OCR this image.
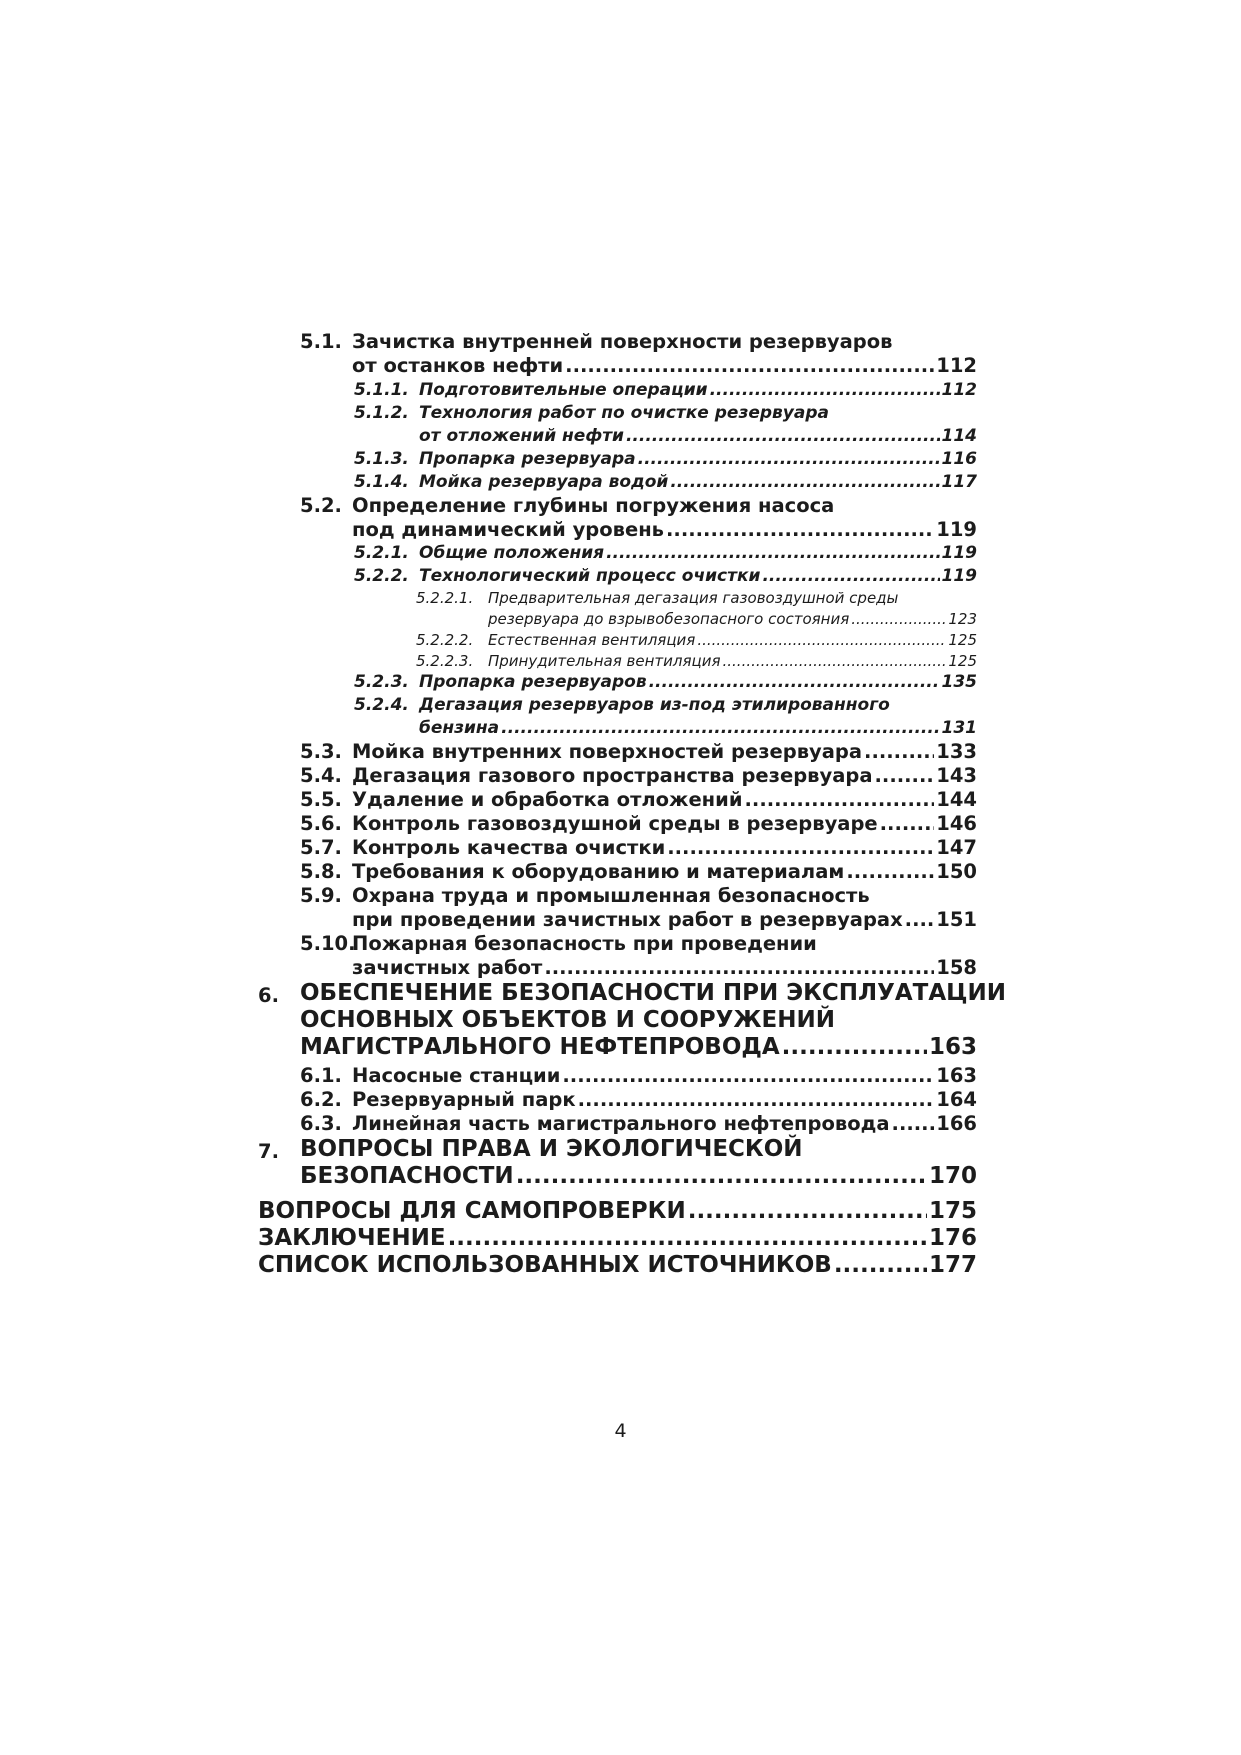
5.1. Зачистка внутренней поверхности резервуаров
от останков нефти .....	112
5.1.1. Подготовительные операции .....	112
5.1.2. Технология работ по очистке резервуара
от отложений нефти .....	114
5.1.3. Пропарка резервуара .....	116
5.1.4. Мойка резервуара водой .....	117
5.2. Определение глубины погружения насоса
под динамический уровень .....	119
5.2.1. Общие положения .....	119
5.2.2. Технологический процесс очистки .....	119
5.2.2.1. Предварительная дегазация газовоздушной среды
резервуара до взрывобезопасного состояния .....	123
5.2.2.2. Естественная вентиляция .....	125
5.2.2.3. Принудительная вентиляция .....	125
5.2.3. Пропарка резервуаров .....	135
5.2.4. Дегазация резервуаров из-под этилированного
бензина .....	131
5.3. Мойка внутренних поверхностей резервуара .....	133
5.4. Дегазация газового пространства резервуара .....	143
5.5. Удаление и обработка отложений .....	144
5.6. Контроль газовоздушной среды в резервуаре .....	146
5.7. Контроль качества очистки .....	147
5.8. Требования к оборудованию и материалам .....	150
5.9. Охрана труда и промышленная безопасность
при проведении зачистных работ в резервуарах ..... 151
5.10.
Пожарная безопасность при проведении
зачистных работ .....	158
6. ОБЕСПЕЧЕНИЕ БЕЗОПАСНОСТИ ПРИ ЭКСПЛУАТАЦИИ
ОСНОВНЫХ ОБЪЕКТОВ И СООРУЖЕНИЙ
МАГИСТРАЛЬНОГО НЕФТЕПРОВОДА .....	163
6.1. Насосные станции .....	163
6.2. Резервуарный парк .....	164
6.3. Линейная часть магистрального нефтепровода ..... 166
7. ВОПРОСЫ ПРАВА И ЭКОЛОГИЧЕСКОЙ
БЕЗОПАСНОСТИ .....	170
ВОПРОСЫ ДЛЯ САМОПРОВЕРКИ .....	175
ЗАКЛЮЧЕНИЕ .....	176
СПИСОК ИСПОЛЬЗОВАННЫХ ИСТОЧНИКОВ .....	177
4
